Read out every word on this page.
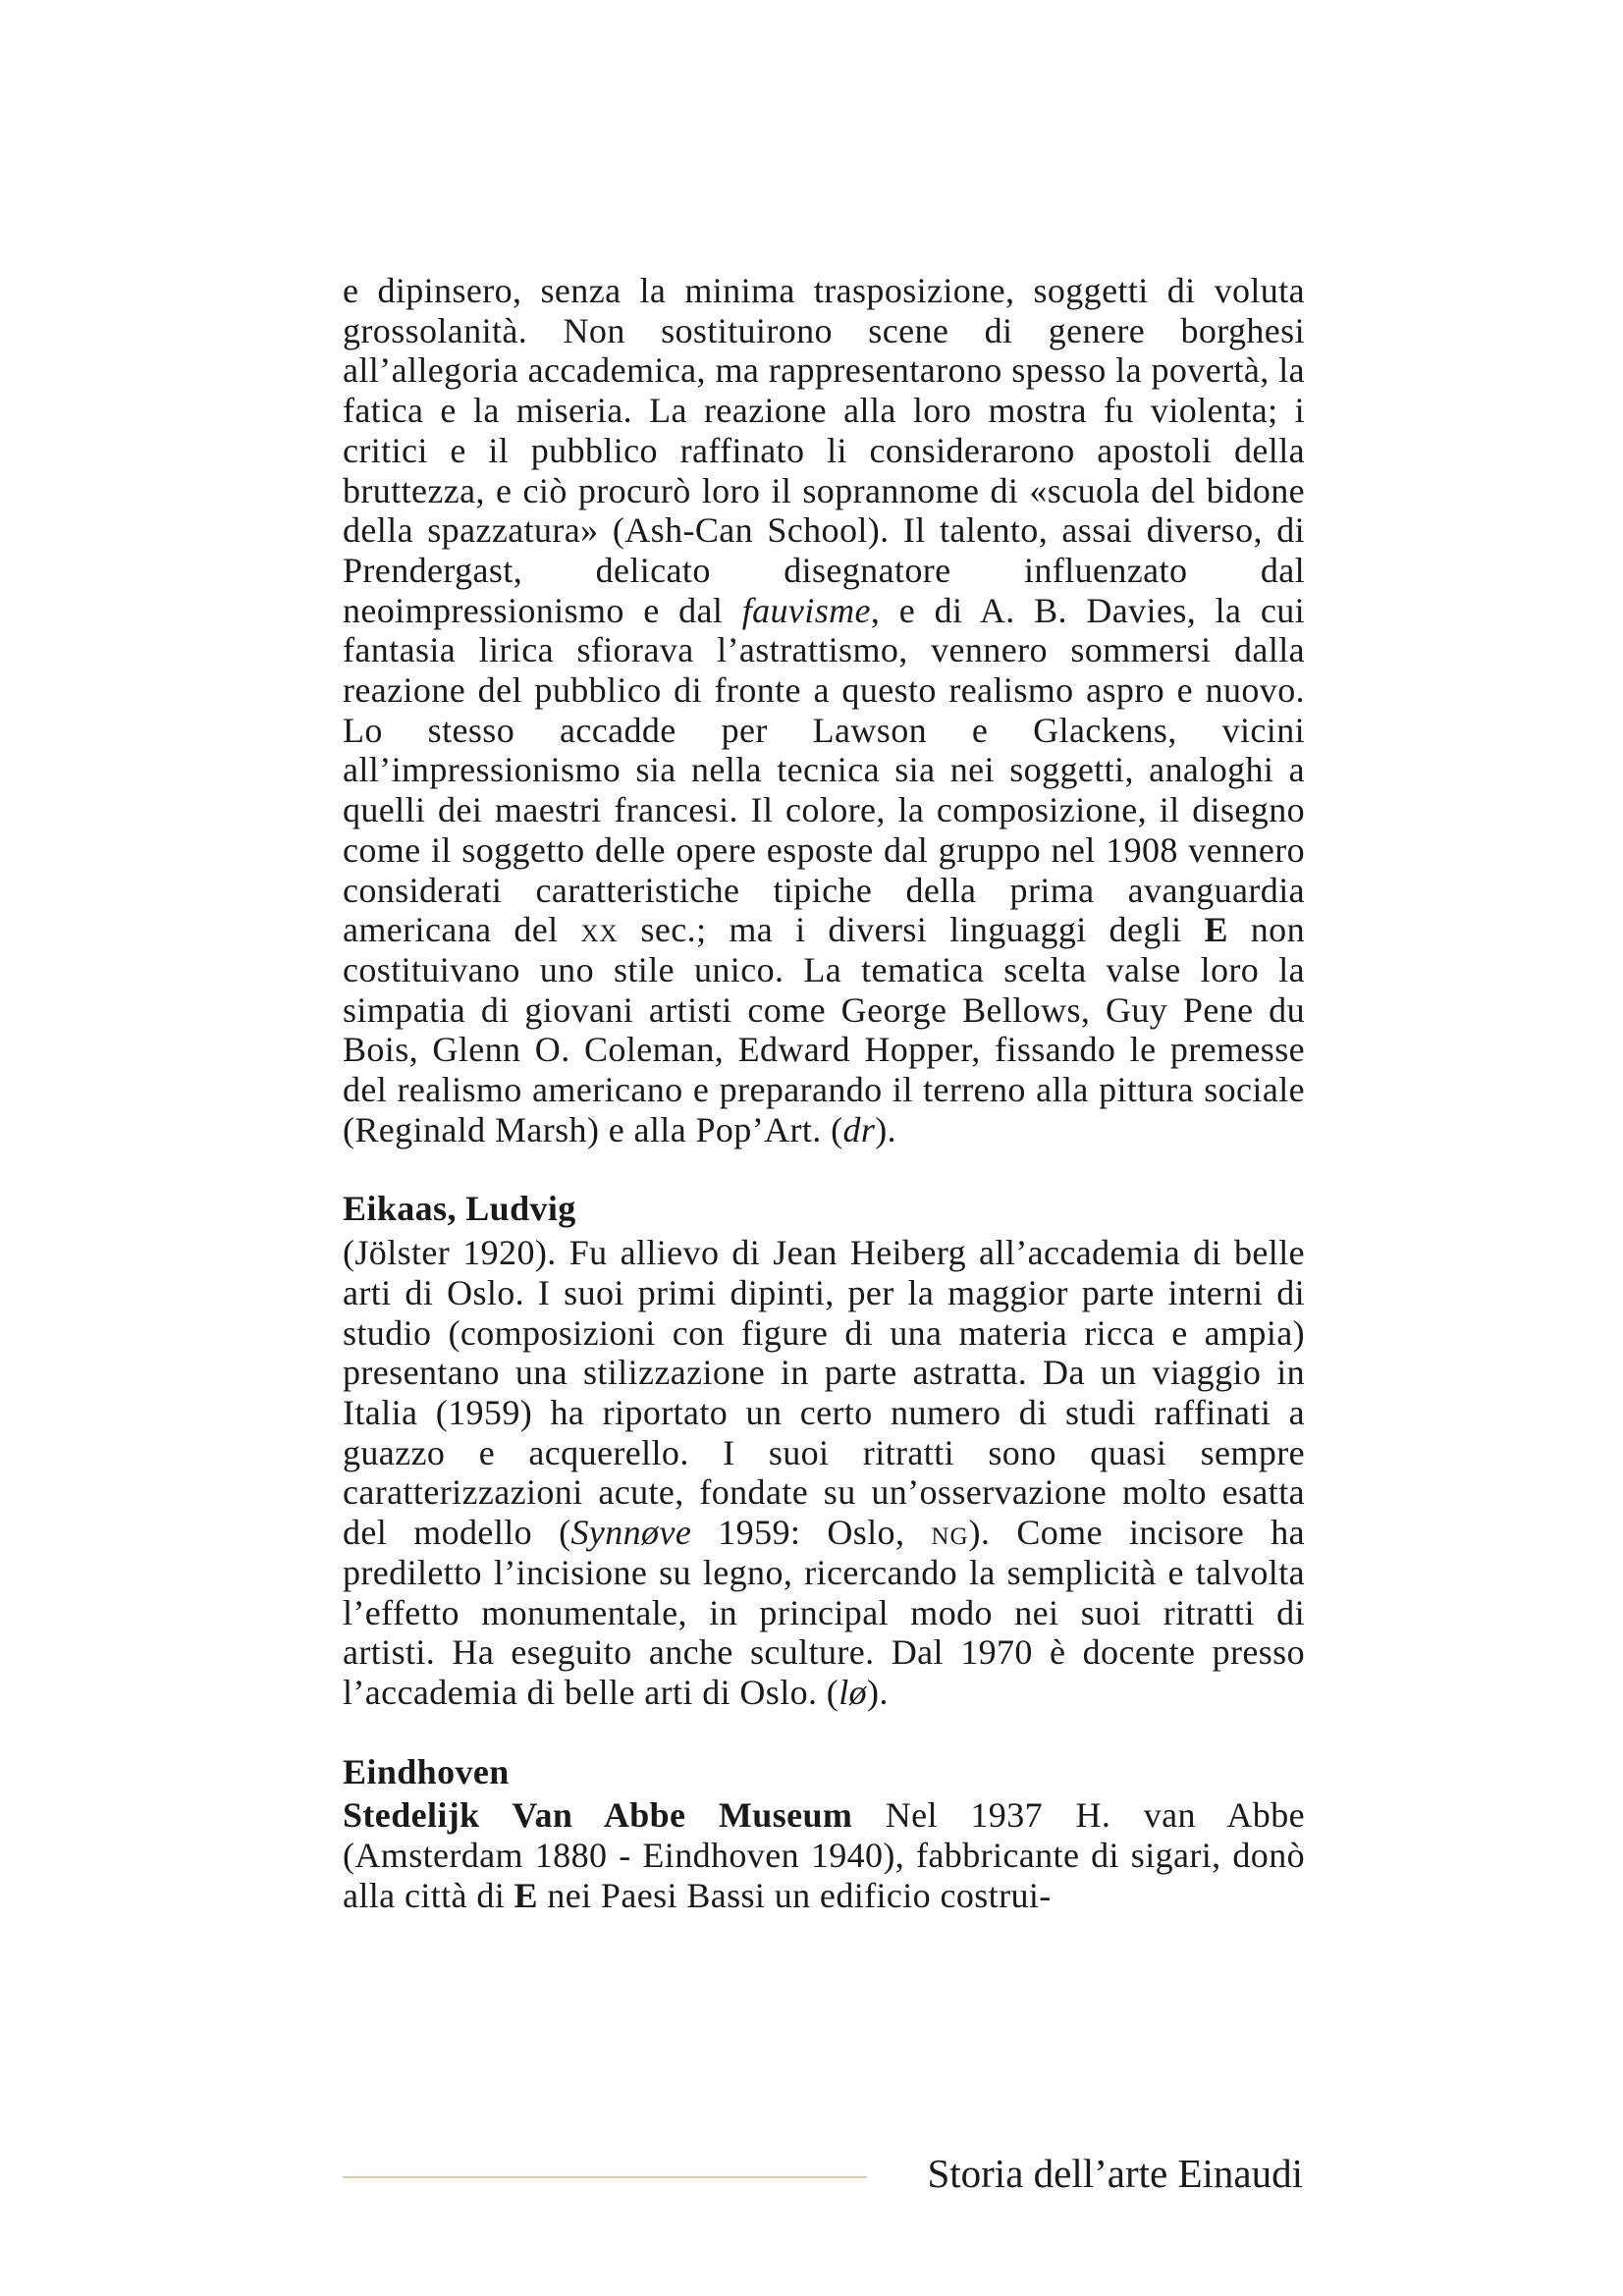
e dipinsero, senza la minima trasposizione, soggetti di voluta grossolanità. Non sostituirono scene di genere borghesi all’allegoria accademica, ma rappresentarono spesso la povertà, la fatica e la miseria. La reazione alla loro mostra fu violenta; i critici e il pubblico raffinato li considerarono apostoli della bruttezza, e ciò procurò loro il soprannome di «scuola del bidone della spazzatura» (Ash-Can School). Il talento, assai diverso, di Prendergast, delicato disegnatore influenzato dal neoimpressionismo e dal fauvisme, e di A. B. Davies, la cui fantasia lirica sfiorava l’astrattismo, vennero sommersi dalla reazione del pubblico di fronte a questo realismo aspro e nuovo. Lo stesso accadde per Lawson e Glackens, vicini all’impressionismo sia nella tecnica sia nei soggetti, analoghi a quelli dei maestri francesi. Il colore, la composizione, il disegno come il soggetto delle opere esposte dal gruppo nel 1908 vennero considerati caratteristiche tipiche della prima avanguardia americana del xx sec.; ma i diversi linguaggi degli E non costituivano uno stile unico. La tematica scelta valse loro la simpatia di giovani artisti come George Bellows, Guy Pene du Bois, Glenn O. Coleman, Edward Hopper, fissando le premesse del realismo americano e preparando il terreno alla pittura sociale (Reginald Marsh) e alla Pop’Art. (dr).

Eikaas, Ludvig

(Jölster 1920). Fu allievo di Jean Heiberg all’accademia di belle arti di Oslo. I suoi primi dipinti, per la maggior parte interni di studio (composizioni con figure di una materia ricca e ampia) presentano una stilizzazione in parte astratta. Da un viaggio in Italia (1959) ha riportato un certo numero di studi raffinati a guazzo e acquerello. I suoi ritratti sono quasi sempre caratterizzazioni acute, fondate su un’osservazione molto esatta del modello (Synnøve 1959: Oslo, ng). Come incisore ha prediletto l’incisione su legno, ricercando la semplicità e talvolta l’effetto monumentale, in principal modo nei suoi ritratti di artisti. Ha eseguito anche sculture. Dal 1970 è docente presso l’accademia di belle arti di Oslo. (lø).

Eindhoven

Stedelijk Van Abbe Museum Nel 1937 H. van Abbe (Amsterdam 1880 - Eindhoven 1940), fabbricante di sigari, donò alla città di E nei Paesi Bassi un edificio costrui-

Storia dell’arte Einaudi
